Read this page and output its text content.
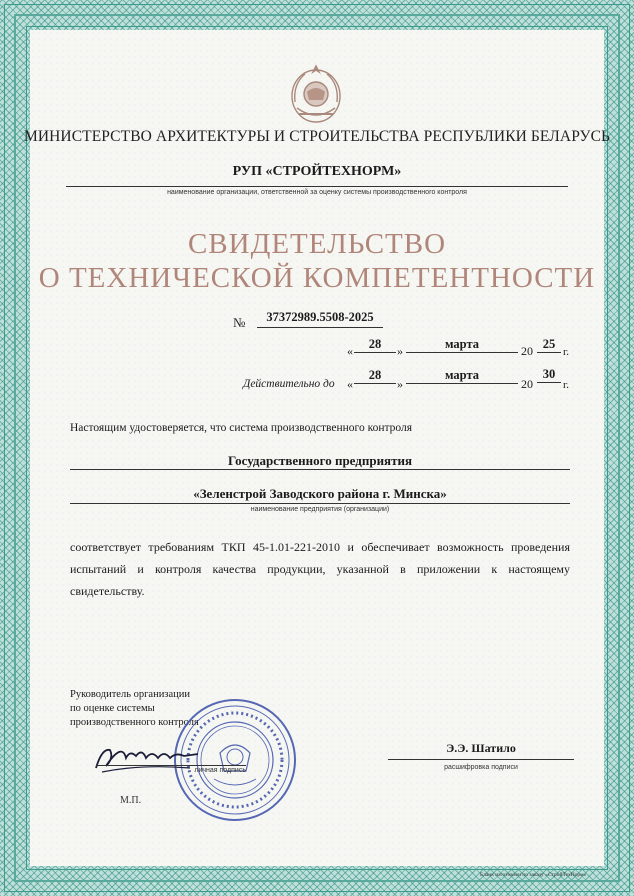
МИНИСТЕРСТВО АРХИТЕКТУРЫ И СТРОИТЕЛЬСТВА РЕСПУБЛИКИ БЕЛАРУСЬ
РУП «СТРОЙТЕХНОРМ»
наименование организации, ответственной за оценку системы производственного контроля
СВИДЕТЕЛЬСТВО
О ТЕХНИЧЕСКОЙ КОМПЕТЕНТНОСТИ
№	37372989.5508-2025
«	28	»	марта	20 25
г.
Действительно до «
28
»
марта
20
30
г.
Настоящим удостоверяется, что система производственного контроля
Государственного предприятия
«Зеленстрой Заводского района г. Минска»
наименование предприятия (организации)
соответствует требованиям ТКП 45-1.01-221-2010 и обеспечивает возможность проведения испытаний и контроля качества продукции, указанной в приложении к настоящему свидетельству.
Руководитель организации
по оценке системы
производственного контроля
личная подпись
Э.Э. Шатило
расшифровка подписи
М.П.
Бланк изготовлен по заказу «СтройТехНорм»
